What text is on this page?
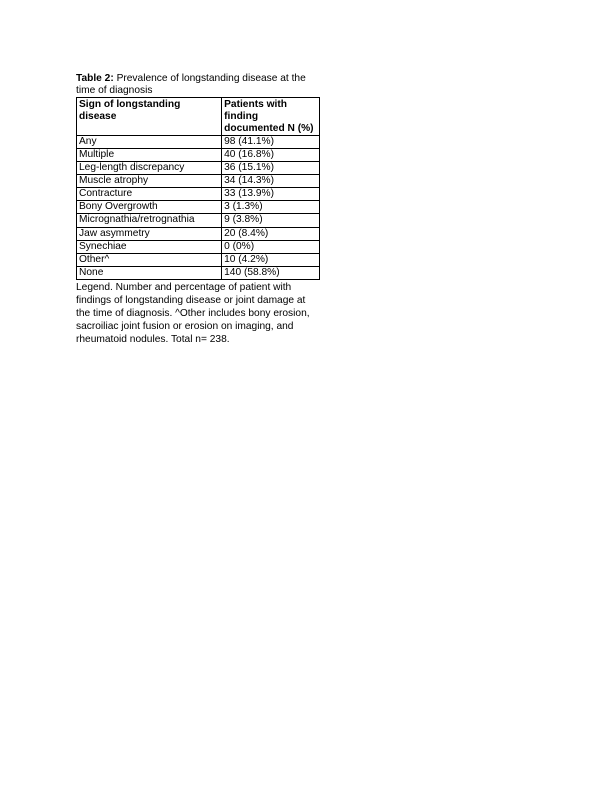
Table 2: Prevalence of longstanding disease at the time of diagnosis

Sign of longstanding disease	Patients with finding documented N (%)
Any	98 (41.1%)
Multiple	40 (16.8%)
Leg-length discrepancy	36 (15.1%)
Muscle atrophy	34 (14.3%)
Contracture	33 (13.9%)
Bony Overgrowth	3 (1.3%)
Micrognathia/retrognathia	9 (3.8%)
Jaw asymmetry	20 (8.4%)
Synechiae	0 (0%)
Other^	10 (4.2%)
None	140 (58.8%)

Legend. Number and percentage of patient with findings of longstanding disease or joint damage at the time of diagnosis. ^Other includes bony erosion, sacroiliac joint fusion or erosion on imaging, and rheumatoid nodules. Total n= 238.
